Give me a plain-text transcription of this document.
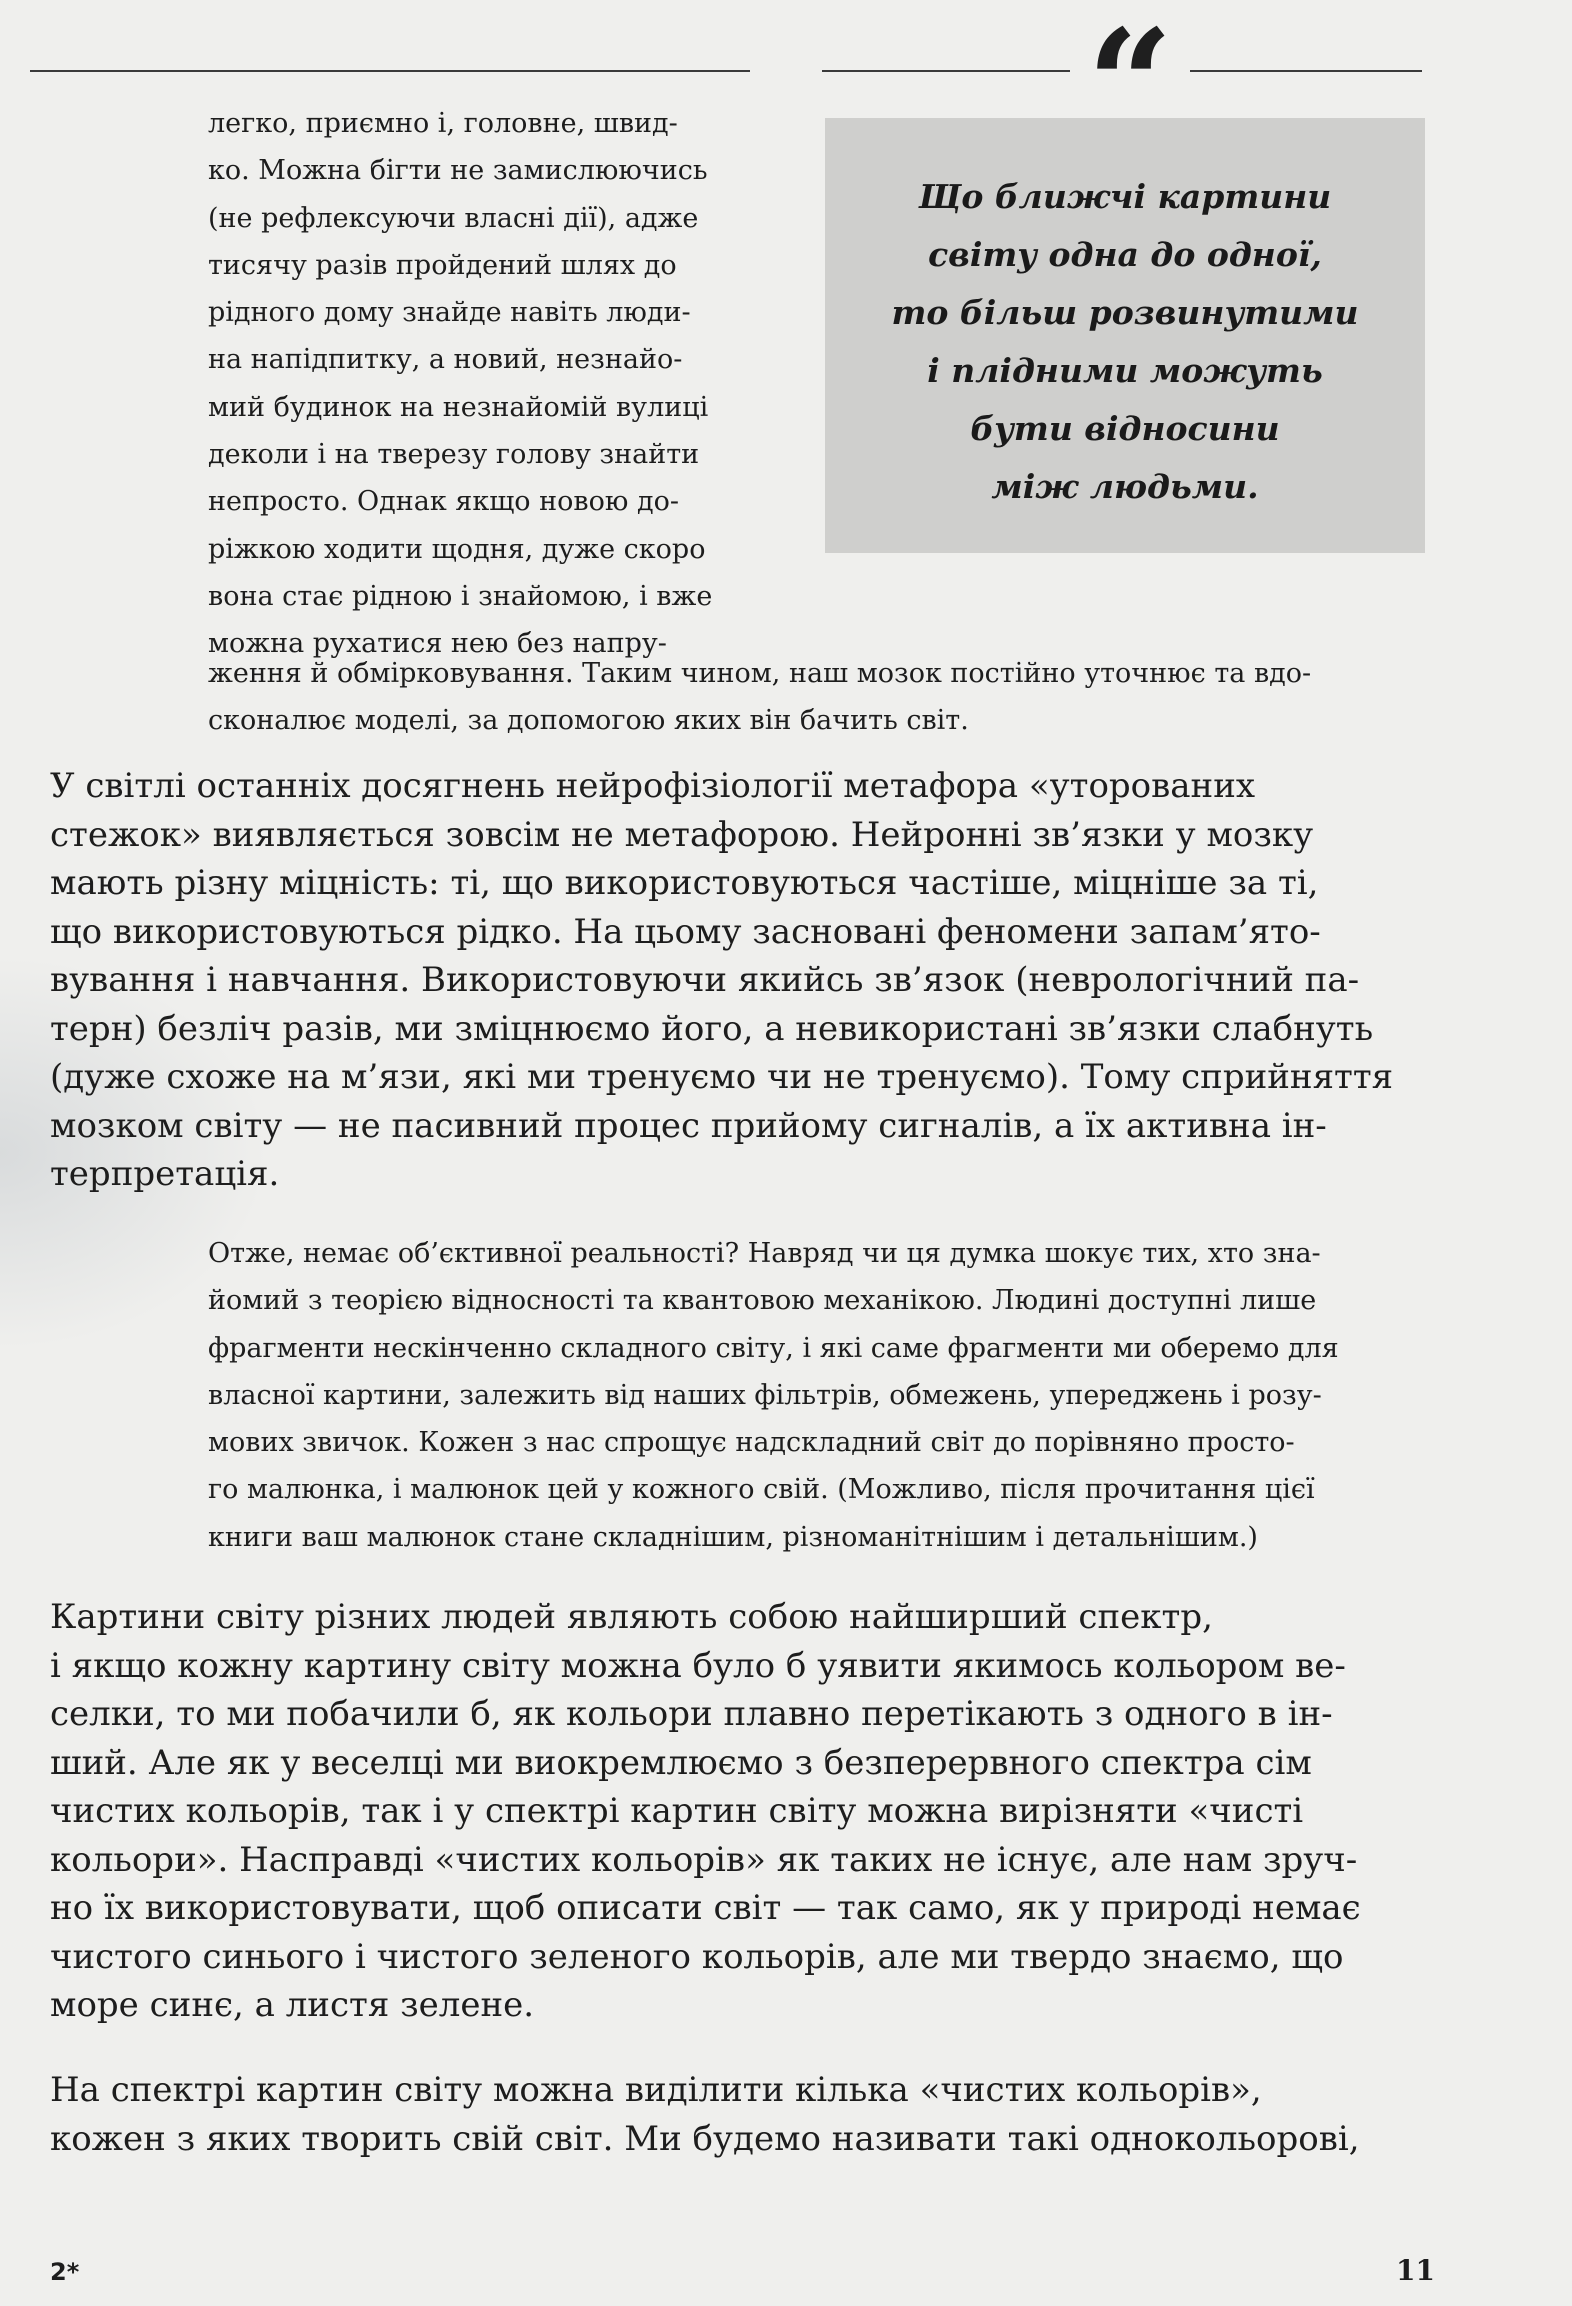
“

Що ближчі картини
світу одна до одної,
то більш розвинутими
і плідними можуть
бути відносини
між людьми.

легко, приємно і, головне, швид-
ко. Можна бігти не замислюючись
(не рефлексуючи власні дії), адже
тисячу разів пройдений шлях до
рідного дому знайде навіть люди-
на напідпитку, а новий, незнайо-
мий будинок на незнайомій вулиці
деколи і на тверезу голову знайти
непросто. Однак якщо новою до-
ріжкою ходити щодня, дуже скоро
вона стає рідною і знайомою, і вже
можна рухатися нею без напру-
ження й обмірковування. Таким чином, наш мозок постійно уточнює та вдо-
сконалює моделі, за допомогою яких він бачить світ.
У світлі останніх досягнень нейрофізіології метафора «уторованих
стежок» виявляється зовсім не метафорою. Нейронні зв’язки у мозку
мають різну міцність: ті, що використовуються частіше, міцніше за ті,
що використовуються рідко. На цьому засновані феномени запам’ято-
вування і навчання. Використовуючи якийсь зв’язок (неврологічний па-
терн) безліч разів, ми зміцнюємо його, а невикористані зв’язки слабнуть
(дуже схоже на м’язи, які ми тренуємо чи не тренуємо). Тому сприйняття
мозком світу — не пасивний процес прийому сигналів, а їх активна ін-
терпретація.
Отже, немає об’єктивної реальності? Навряд чи ця думка шокує тих, хто зна-
йомий з теорією відносності та квантовою механікою. Людині доступні лише
фрагменти нескінченно складного світу, і які саме фрагменти ми оберемо для
власної картини, залежить від наших фільтрів, обмежень, упереджень і розу-
мових звичок. Кожен з нас спрощує надскладний світ до порівняно просто-
го малюнка, і малюнок цей у кожного свій. (Можливо, після прочитання цієї
книги ваш малюнок стане складнішим, різноманітнішим і детальнішим.)
Картини світу різних людей являють собою найширший спектр,
і якщо кожну картину світу можна було б уявити якимось кольором ве-
селки, то ми побачили б, як кольори плавно перетікають з одного в ін-
ший. Але як у веселці ми виокремлюємо з безперервного спектра сім
чистих кольорів, так і у спектрі картин світу можна вирізняти «чисті
кольори». Насправді «чистих кольорів» як таких не існує, але нам зруч-
но їх використовувати, щоб описати світ — так само, як у природі немає
чистого синього і чистого зеленого кольорів, але ми твердо знаємо, що
море синє, а листя зелене.
На спектрі картин світу можна виділити кілька «чистих кольорів»,
кожен з яких творить свій світ. Ми будемо називати такі однокольорові,
2*	11
